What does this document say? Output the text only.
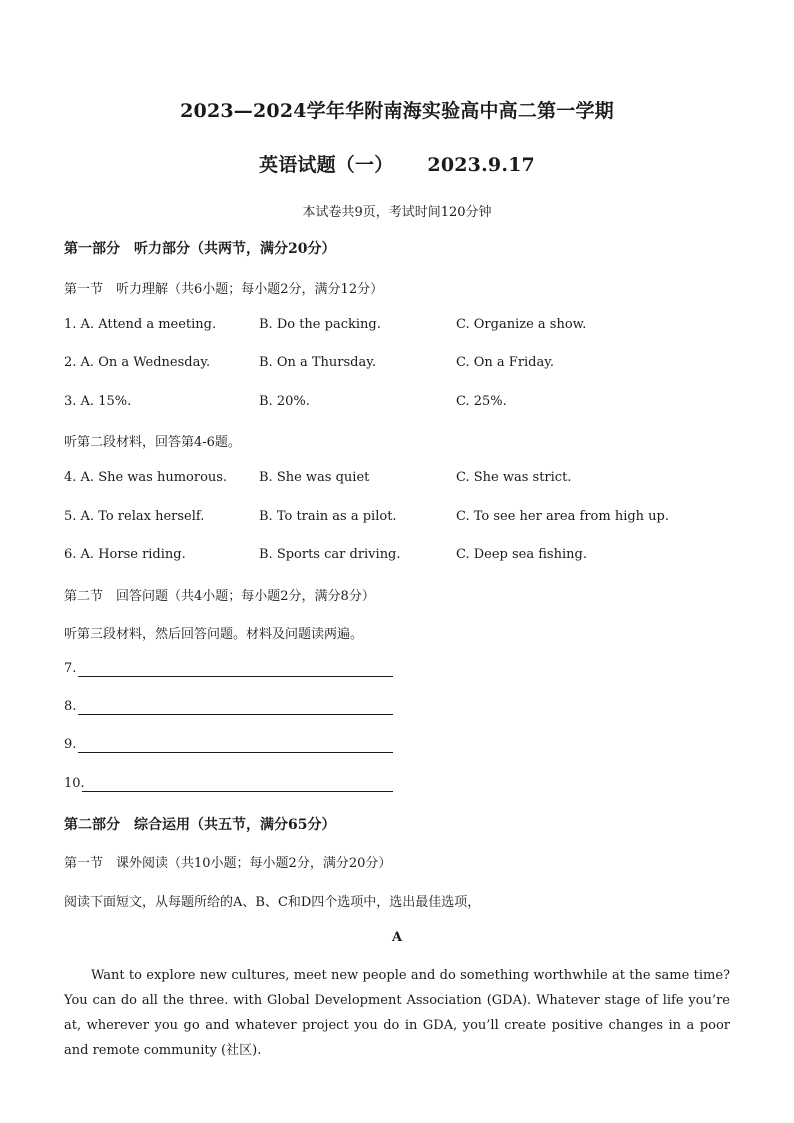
2023—2024学年华附南海实验高中高二第一学期
英语试题（一） 2023.9.17
本试卷共9页，考试时间120分钟
第一部分　听力部分（共两节，满分20分）
第一节　听力理解（共6小题；每小题2分，满分12分）
1. A. Attend a meeting.	B. Do the packing.	C. Organize a show.
2. A. On a Wednesday.	B. On a Thursday.	C. On a Friday.
3. A. 15%.	B. 20%.	C. 25%.
听第二段材料，回答第4-6题。
4. A. She was humorous. B. She was quiet	C. She was strict.
5. A. To relax herself.	B. To train as a pilot.	C. To see her area from high up.
6. A. Horse riding.	B. Sports car driving.	C. Deep sea fishing.
第二节　回答问题（共4小题；每小题2分，满分8分）
听第三段材料，然后回答问题。材料及问题读两遍。
7.
8.
9.
10.
第二部分　综合运用（共五节，满分65分）
第一节　课外阅读（共10小题；每小题2分，满分20分）
阅读下面短文，从每题所给的A、B、C和D四个选项中，选出最佳选项，
A
Want to explore new cultures, meet new people and do something worthwhile at the same time? You can do all the three. with Global Development Association (GDA). Whatever stage of life you’re at, wherever you go and whatever project you do in GDA, you’ll create positive changes in a poor and remote community (社区).
